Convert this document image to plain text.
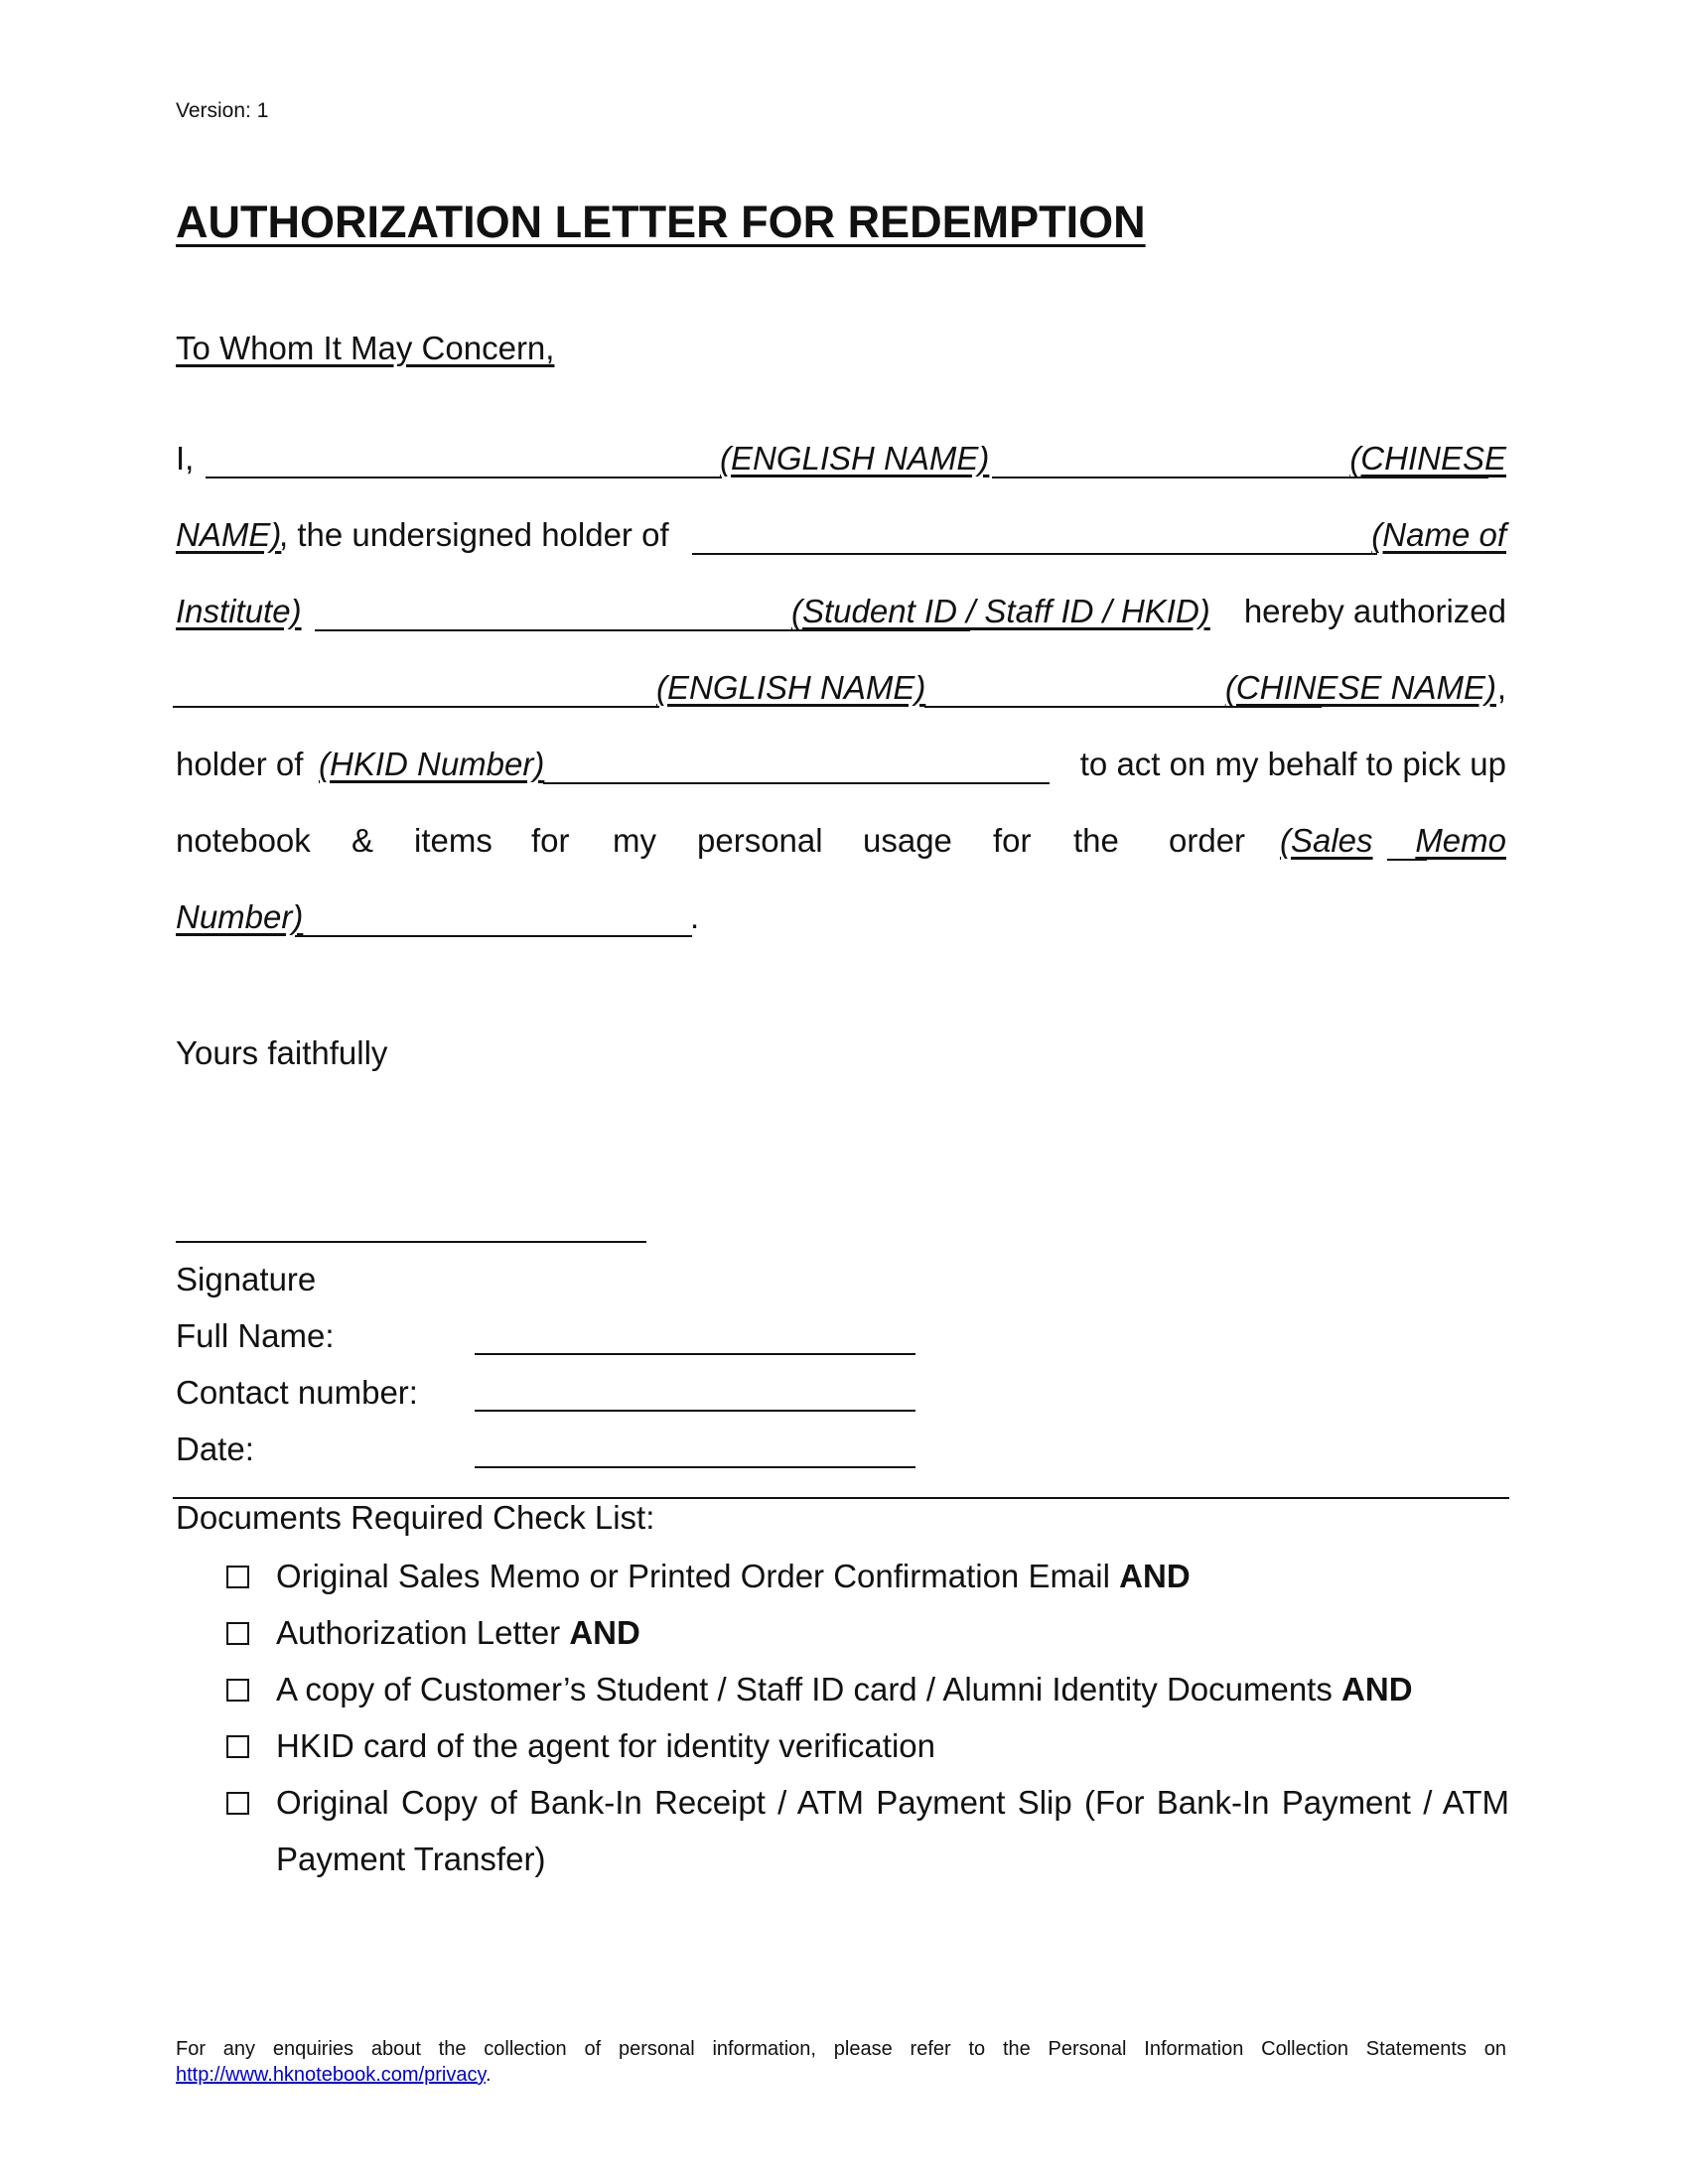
Version: 1
AUTHORIZATION LETTER FOR REDEMPTION
To Whom It May Concern,
I,	(ENGLISH NAME)	(CHINESE
NAME)
, the undersigned holder of	(Name of
Institute)	(Student ID / Staff ID / HKID) hereby authorized
(ENGLISH NAME)	(CHINESE NAME) ,
holder of (HKID Number)	to act on my behalf to pick up
notebook & items for my personal usage for the order (Sales Memo
Number)	.
Yours faithfully
Signature
Full Name:
Contact number:
Date:
Documents Required Check List:
Original Sales Memo or Printed Order Confirmation Email AND
Authorization Letter AND
A copy of Customer’s Student / Staff ID card / Alumni Identity Documents AND
HKID card of the agent for identity verification
Original Copy of Bank-In Receipt / ATM Payment Slip (For Bank-In Payment / ATM Payment Transfer)
For any enquiries about the collection of personal information, please refer to the Personal Information Collection Statements on http://www.hknotebook.com/privacy.
